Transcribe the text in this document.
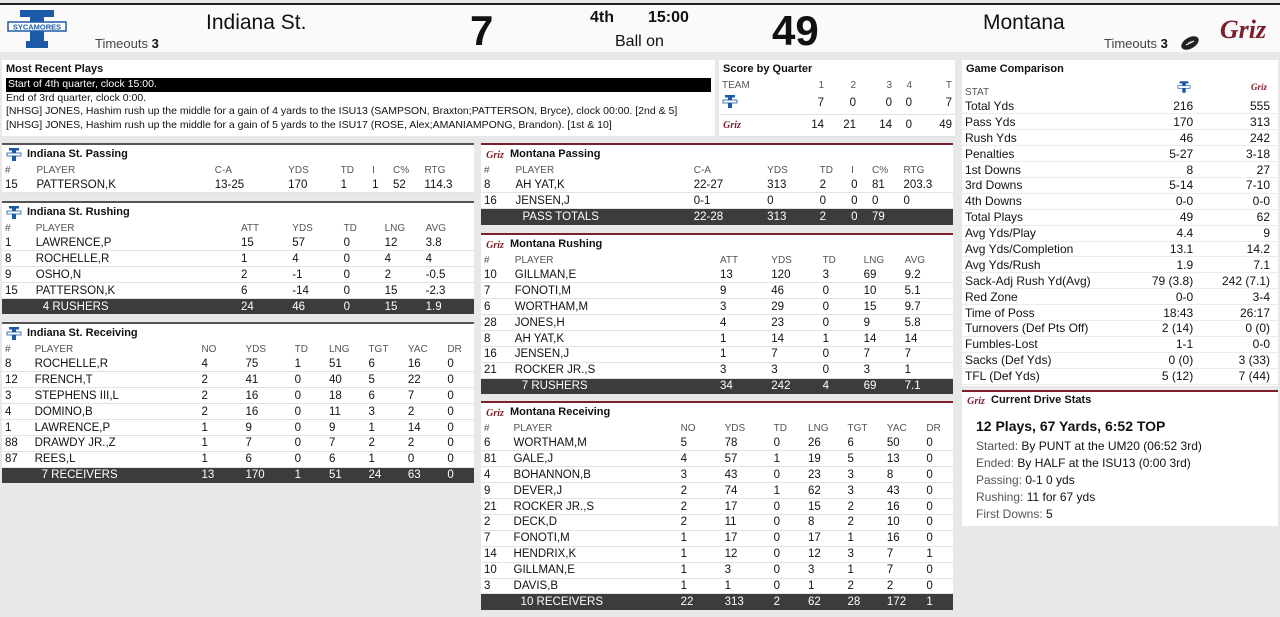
SYCAMORES	Indiana St.
Timeouts 3	7	4th 15:00
Ball on	49	Montana
Timeouts 3 Griz
Most Recent Plays
Start of 4th quarter, clock 15:00.
End of 3rd quarter, clock 0:00.
[NHSG] JONES, Hashim rush up the middle for a gain of 4 yards to the ISU13 (SAMPSON, Braxton;PATTERSON, Bryce), clock 00:00. [2nd & 5]
[NHSG] JONES, Hashim rush up the middle for a gain of 5 yards to the ISU17 (ROSE, Alex;AMANIAMPONG, Brandon). [1st & 10]
Score by Quarter
TEAM	1	2	3	4	T

	7	0	0	0	7

Griz	14	21	14	0	49
Game Comparison
STAT		Griz

Total Yds	216	555
Pass Yds	170	313
Rush Yds	46	242
Penalties	5-27	3-18
1st Downs	8	27
3rd Downs	5-14	7-10
4th Downs	0-0	0-0
Total Plays	49	62
Avg Yds/Play	4.4	9
Avg Yds/Completion	13.1	14.2
Avg Yds/Rush	1.9	7.1
Sack-Adj Rush Yd(Avg)	79 (3.8)	242 (7.1)
Red Zone	0-0	3-4
Time of Poss	18:43	26:17
Turnovers (Def Pts Off)	2 (14)	0 (0)
Fumbles-Lost	1-1	0-0
Sacks (Def Yds)	0 (0)	3 (33)
TFL (Def Yds)	5 (12)	7 (44)
Griz Current Drive Stats
12 Plays, 67 Yards, 6:52 TOP
Started: By PUNT at the UM20 (06:52 3rd)
Ended: By HALF at the ISU13 (0:00 3rd)
Passing: 0-1 0 yds
Rushing: 11 for 67 yds
First Downs: 5
Indiana St. Passing
#	PLAYER	C-A	YDS	TD	I	C%	RTG
15	PATTERSON,K	13-25	170	1	1	52	114.3
Indiana St. Rushing
#	PLAYER	ATT	YDS	TD	LNG	AVG
1	LAWRENCE,P	15	57	0	12	3.8
8	ROCHELLE,R	1	4	0	4	4
9	OSHO,N	2	-1	0	2	-0.5
15	PATTERSON,K	6	-14	0	15	-2.3
	4 RUSHERS	24	46	0	15	1.9
Indiana St. Receiving
#	PLAYER	NO	YDS	TD	LNG	TGT	YAC	DR
8	ROCHELLE,R	4	75	1	51	6	16	0
12	FRENCH,T	2	41	0	40	5	22	0
3	STEPHENS III,L	2	16	0	18	6	7	0
4	DOMINO,B	2	16	0	11	3	2	0
1	LAWRENCE,P	1	9	0	9	1	14	0
88	DRAWDY JR.,Z	1	7	0	7	2	2	0
87	REES,L	1	6	0	6	1	0	0
	7 RECEIVERS	13	170	1	51	24	63	0
Griz Montana Passing
#	PLAYER	C-A	YDS	TD	I	C%	RTG
8	AH YAT,K	22-27	313	2	0	81	203.3
16	JENSEN,J	0-1	0	0	0	0	0
	PASS TOTALS	22-28	313	2	0	79	
Griz Montana Rushing
#	PLAYER	ATT	YDS	TD	LNG	AVG
10	GILLMAN,E	13	120	3	69	9.2
7	FONOTI,M	9	46	0	10	5.1
6	WORTHAM,M	3	29	0	15	9.7
28	JONES,H	4	23	0	9	5.8
8	AH YAT,K	1	14	1	14	14
16	JENSEN,J	1	7	0	7	7
21	ROCKER JR.,S	3	3	0	3	1
	7 RUSHERS	34	242	4	69	7.1
Griz Montana Receiving
#	PLAYER	NO	YDS	TD	LNG	TGT	YAC	DR
6	WORTHAM,M	5	78	0	26	6	50	0
81	GALE,J	4	57	1	19	5	13	0
4	BOHANNON,B	3	43	0	23	3	8	0
9	DEVER,J	2	74	1	62	3	43	0
21	ROCKER JR.,S	2	17	0	15	2	16	0
2	DECK,D	2	11	0	8	2	10	0
7	FONOTI,M	1	17	0	17	1	16	0
14	HENDRIX,K	1	12	0	12	3	7	1
10	GILLMAN,E	1	3	0	3	1	7	0
3	DAVIS,B	1	1	0	1	2	2	0
	10 RECEIVERS	22	313	2	62	28	172	1
